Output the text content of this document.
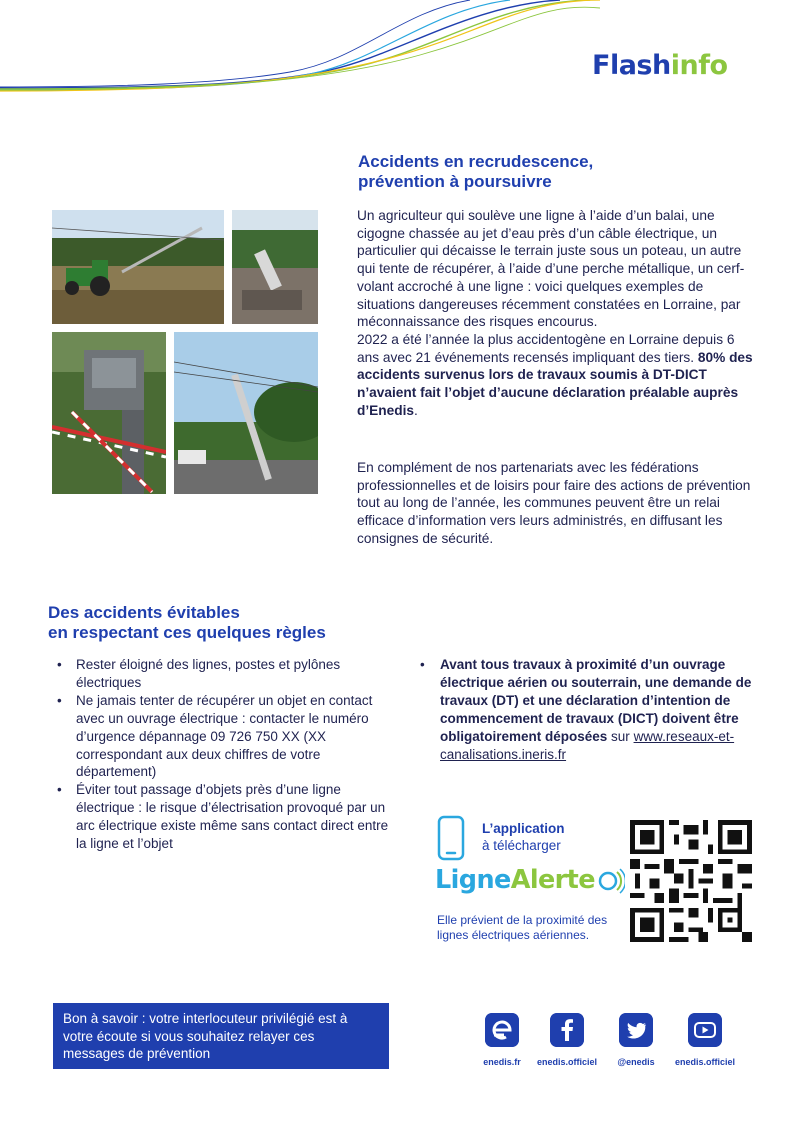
Flashinfo
Accidents en recrudescence,
prévention à poursuivre
Un agriculteur qui soulève une ligne à l’aide d’un balai, une cigogne chassée au jet d’eau près d’un câble électrique, un particulier qui décaisse le terrain juste sous un poteau, un autre qui tente de récupérer, à l’aide d’une perche métallique, un cerf-volant accroché à une ligne : voici quelques exemples de situations dangereuses récemment constatées en Lorraine, par méconnaissance des risques encourus.
2022 a été l’année la plus accidentogène en Lorraine depuis 6 ans avec 21 événements recensés impliquant des tiers. 80% des accidents survenus lors de travaux soumis à DT-DICT n’avaient fait l’objet d’aucune déclaration préalable auprès d’Enedis.
En complément de nos partenariats avec les fédérations professionnelles et de loisirs pour faire des actions de prévention tout au long de l’année, les communes peuvent être un relai efficace d’information vers leurs administrés, en diffusant les consignes de sécurité.
Des accidents évitables
en respectant ces quelques règles
• Rester éloigné des lignes, postes et pylônes électriques
• Ne jamais tenter de récupérer un objet en contact avec un ouvrage électrique : contacter le numéro d’urgence dépannage 09 726 750 XX (XX correspondant aux deux chiffres de votre département)
• Éviter tout passage d’objets près d’une ligne électrique : le risque d’électrisation provoqué par un arc électrique existe même sans contact direct entre la ligne et l’objet
• Avant tous travaux à proximité d’un ouvrage électrique aérien ou souterrain, une demande de travaux (DT) et une déclaration d’intention de commencement de travaux (DICT) doivent être obligatoirement déposées sur www.reseaux-et-canalisations.ineris.fr
L’application
à télécharger
LigneAlerte
Elle prévient de la proximité des lignes électriques aériennes.
Bon à savoir : votre interlocuteur privilégié est à votre écoute si vous souhaitez relayer ces messages de prévention
enedis.fr	enedis.officiel	@enedis	enedis.officiel
